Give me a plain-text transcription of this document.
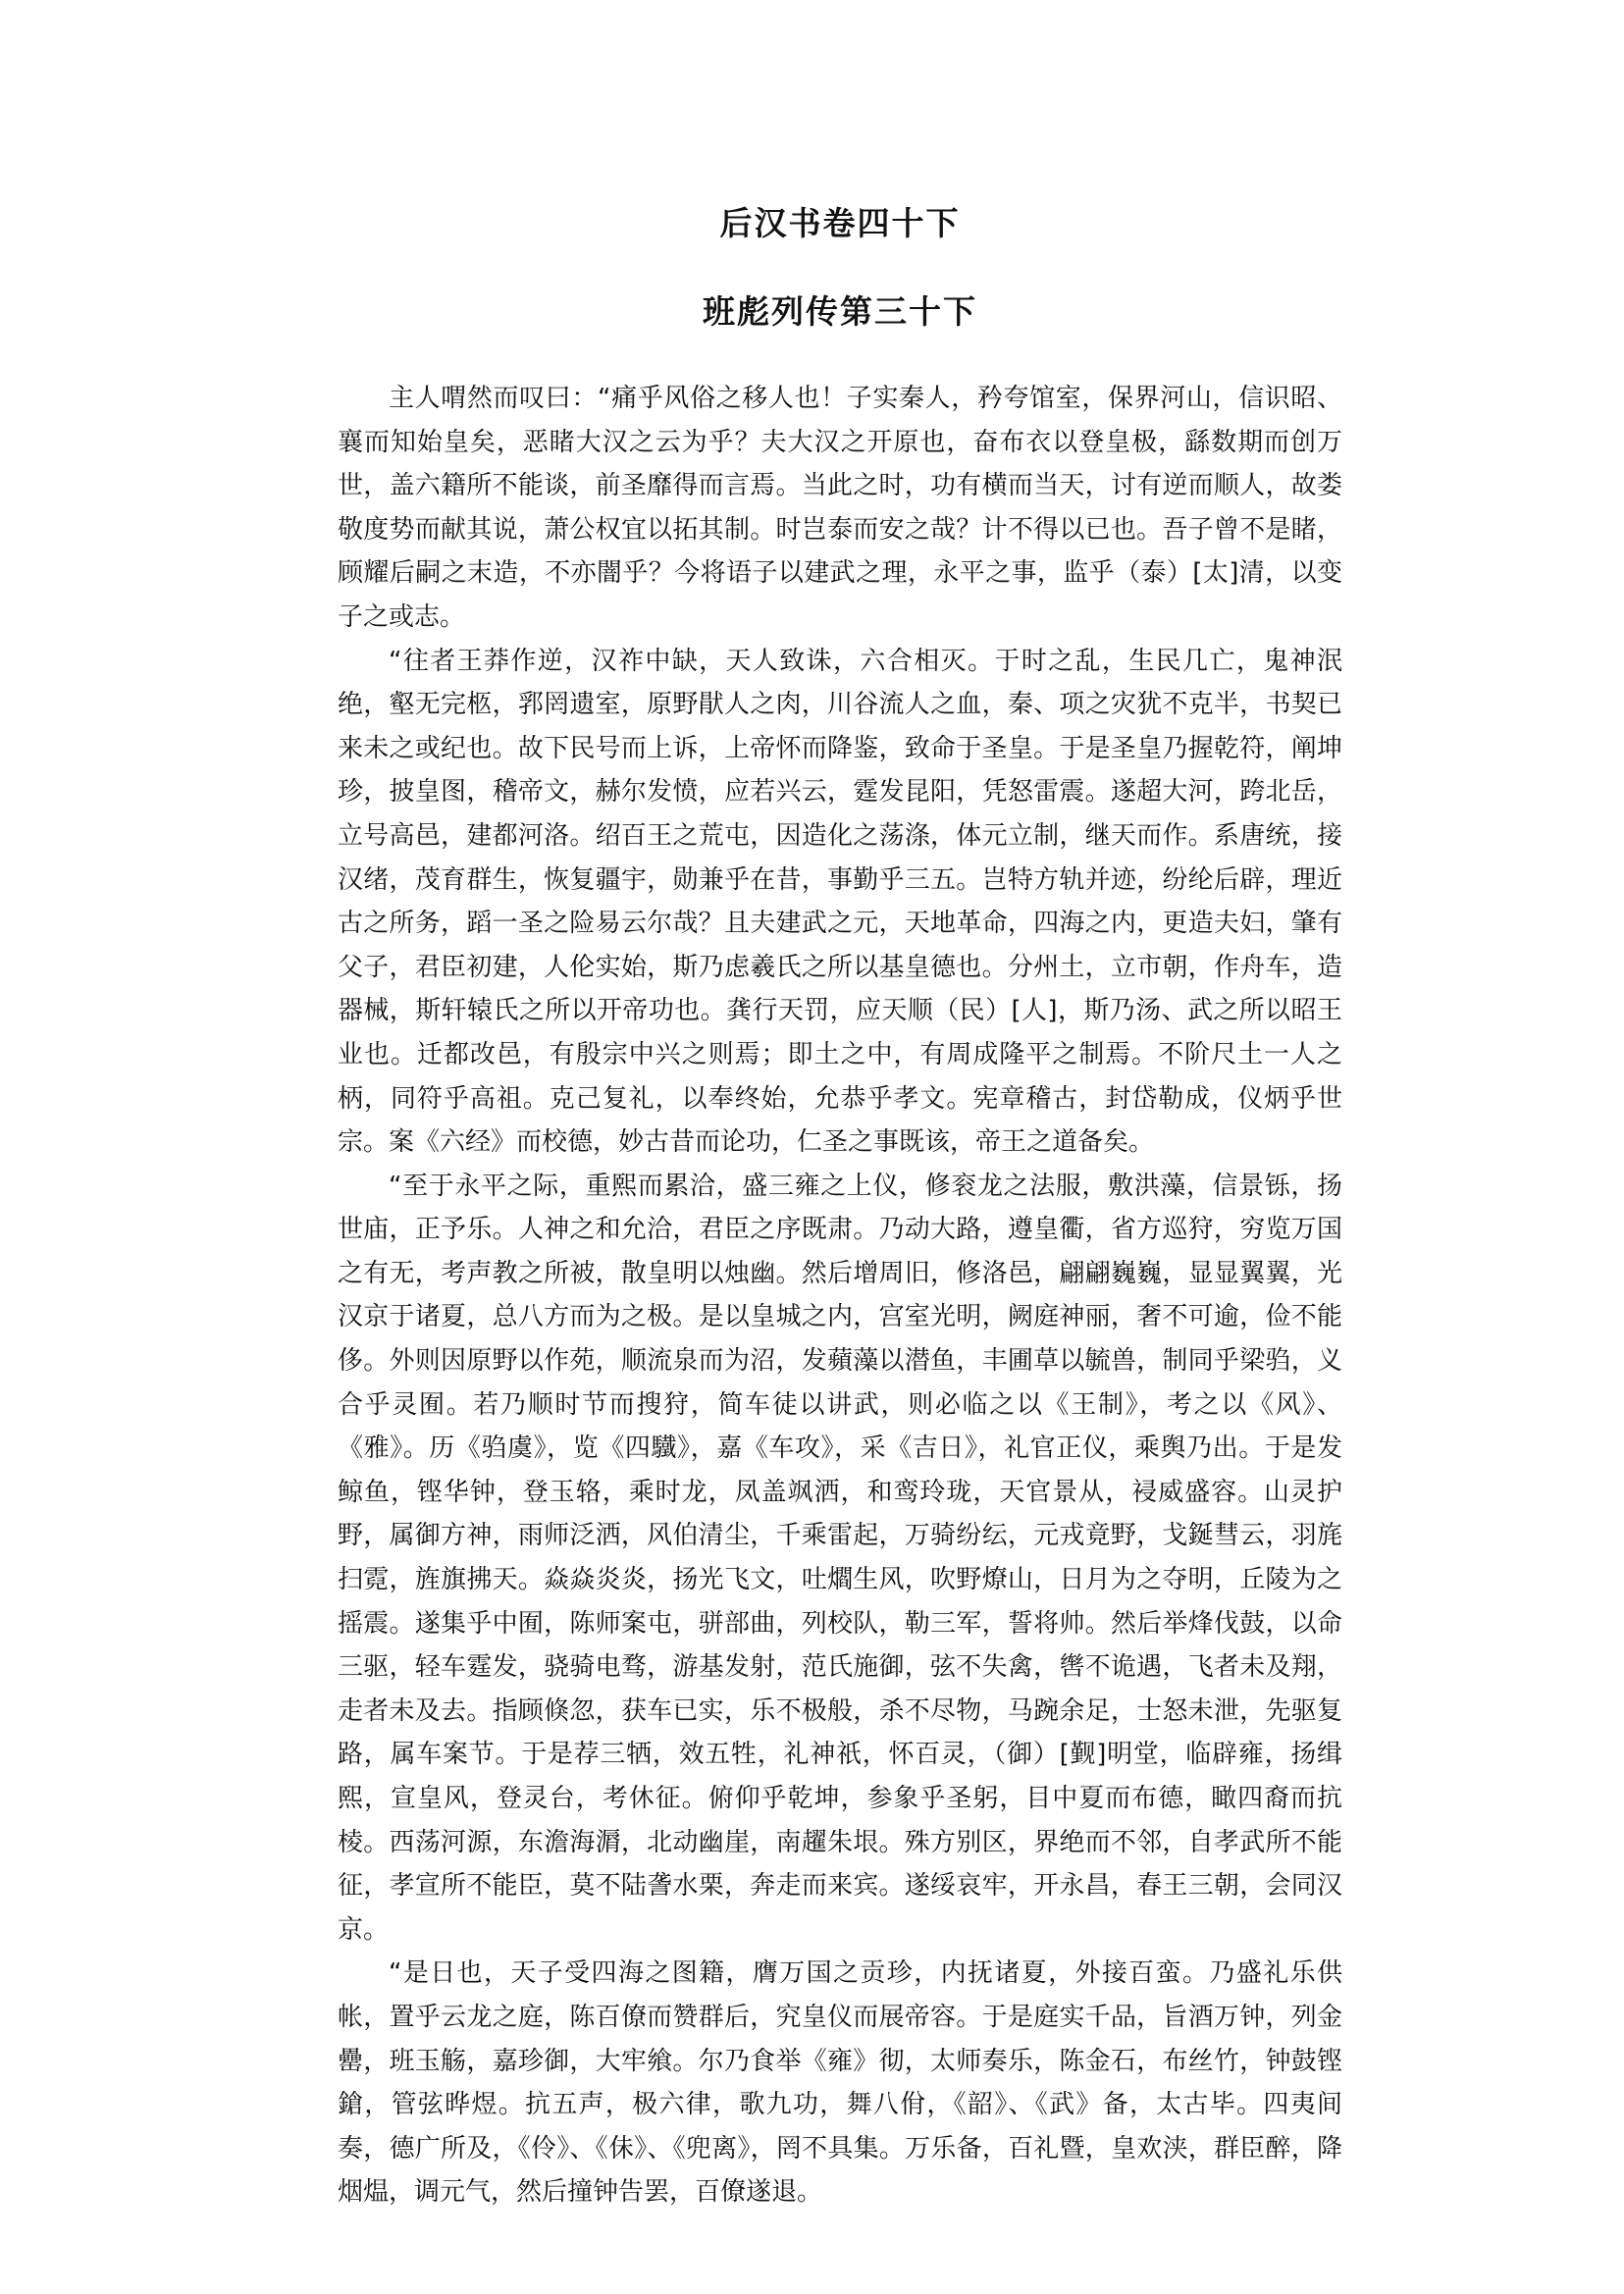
后汉书卷四十下
班彪列传第三十下

主人喟然而叹曰：“痛乎风俗之移人也！子实秦人，矜夸馆室，保界河山，信识昭、襄而知始皇矣，恶睹大汉之云为乎？夫大汉之开原也，奋布衣以登皇极，繇数期而创万世，盖六籍所不能谈，前圣靡得而言焉。当此之时，功有横而当天，讨有逆而顺人，故娄敬度势而献其说，萧公权宜以拓其制。时岂泰而安之哉？计不得以已也。吾子曾不是睹，顾耀后嗣之末造，不亦闇乎？今将语子以建武之理，永平之事，监乎（泰）[太]清，以变子之或志。

“往者王莽作逆，汉祚中缺，天人致诛，六合相灭。于时之乱，生民几亡，鬼神泯绝，壑无完柩，郛罔遗室，原野猒人之肉，川谷流人之血，秦、项之灾犹不克半，书契已来未之或纪也。故下民号而上诉，上帝怀而降鉴，致命于圣皇。于是圣皇乃握乾符，阐坤珍，披皇图，稽帝文，赫尔发愤，应若兴云，霆发昆阳，凭怒雷震。遂超大河，跨北岳，立号高邑，建都河洛。绍百王之荒屯，因造化之荡涤，体元立制，继天而作。系唐统，接汉绪，茂育群生，恢复疆宇，勋兼乎在昔，事勤乎三五。岂特方轨并迹，纷纶后辟，理近古之所务，蹈一圣之险易云尔哉？且夫建武之元，天地革命，四海之内，更造夫妇，肇有父子，君臣初建，人伦实始，斯乃虑羲氏之所以基皇德也。分州土，立市朝，作舟车，造器械，斯轩辕氏之所以开帝功也。龚行天罚，应天顺（民）[人]，斯乃汤、武之所以昭王业也。迁都改邑，有殷宗中兴之则焉；即土之中，有周成隆平之制焉。不阶尺土一人之柄，同符乎高祖。克己复礼，以奉终始，允恭乎孝文。宪章稽古，封岱勒成，仪炳乎世宗。案《六经》而校德，妙古昔而论功，仁圣之事既该，帝王之道备矣。

“至于永平之际，重熙而累洽，盛三雍之上仪，修衮龙之法服，敷洪藻，信景铄，扬世庙，正予乐。人神之和允洽，君臣之序既肃。乃动大路，遵皇衢，省方巡狩，穷览万国之有无，考声教之所被，散皇明以烛幽。然后增周旧，修洛邑，翩翩巍巍，显显翼翼，光汉京于诸夏，总八方而为之极。是以皇城之内，宫室光明，阙庭神丽，奢不可逾，俭不能侈。外则因原野以作苑，顺流泉而为沼，发蘋藻以潜鱼，丰圃草以毓兽，制同乎梁驺，义合乎灵囿。若乃顺时节而搜狩，简车徒以讲武，则必临之以《王制》，考之以《风》、《雅》。历《驺虞》，览《四驖》，嘉《车攻》，采《吉日》，礼官正仪，乘舆乃出。于是发鲸鱼，铿华钟，登玉辂，乘时龙，凤盖飒洒，和鸾玲珑，天官景从，祲威盛容。山灵护野，属御方神，雨师泛洒，风伯清尘，千乘雷起，万骑纷纭，元戎竟野，戈鋋彗云，羽旄扫霓，旌旗拂天。焱焱炎炎，扬光飞文，吐爓生风，吹野燎山，日月为之夺明，丘陵为之摇震。遂集乎中囿，陈师案屯，骈部曲，列校队，勒三军，誓将帅。然后举烽伐鼓，以命三驱，轻车霆发，骁骑电骛，游基发射，范氏施御，弦不失禽，辔不诡遇，飞者未及翔，走者未及去。指顾倏忽，获车已实，乐不极般，杀不尽物，马踠余足，士怒未泄，先驱复路，属车案节。于是荐三牺，效五牲，礼神祇，怀百灵，（御）[觐]明堂，临辟雍，扬缉熙，宣皇风，登灵台，考休征。俯仰乎乾坤，参象乎圣躬，目中夏而布德，瞰四裔而抗棱。西荡河源，东澹海漘，北动幽崖，南趯朱垠。殊方别区，界绝而不邻，自孝武所不能征，孝宣所不能臣，莫不陆詟水栗，奔走而来宾。遂绥哀牢，开永昌，春王三朝，会同汉京。

“是日也，天子受四海之图籍，膺万国之贡珍，内抚诸夏，外接百蛮。乃盛礼乐供帐，置乎云龙之庭，陈百僚而赞群后，究皇仪而展帝容。于是庭实千品，旨酒万钟，列金罍，班玉觞，嘉珍御，大牢飨。尔乃食举《雍》彻，太师奏乐，陈金石，布丝竹，钟鼓铿鎗，管弦晔煜。抗五声，极六律，歌九功，舞八佾，《韶》、《武》备，太古毕。四夷间奏，德广所及，《伶》、《佅》、《兜离》，罔不具集。万乐备，百礼暨，皇欢浃，群臣醉，降烟煴，调元气，然后撞钟告罢，百僚遂退。
